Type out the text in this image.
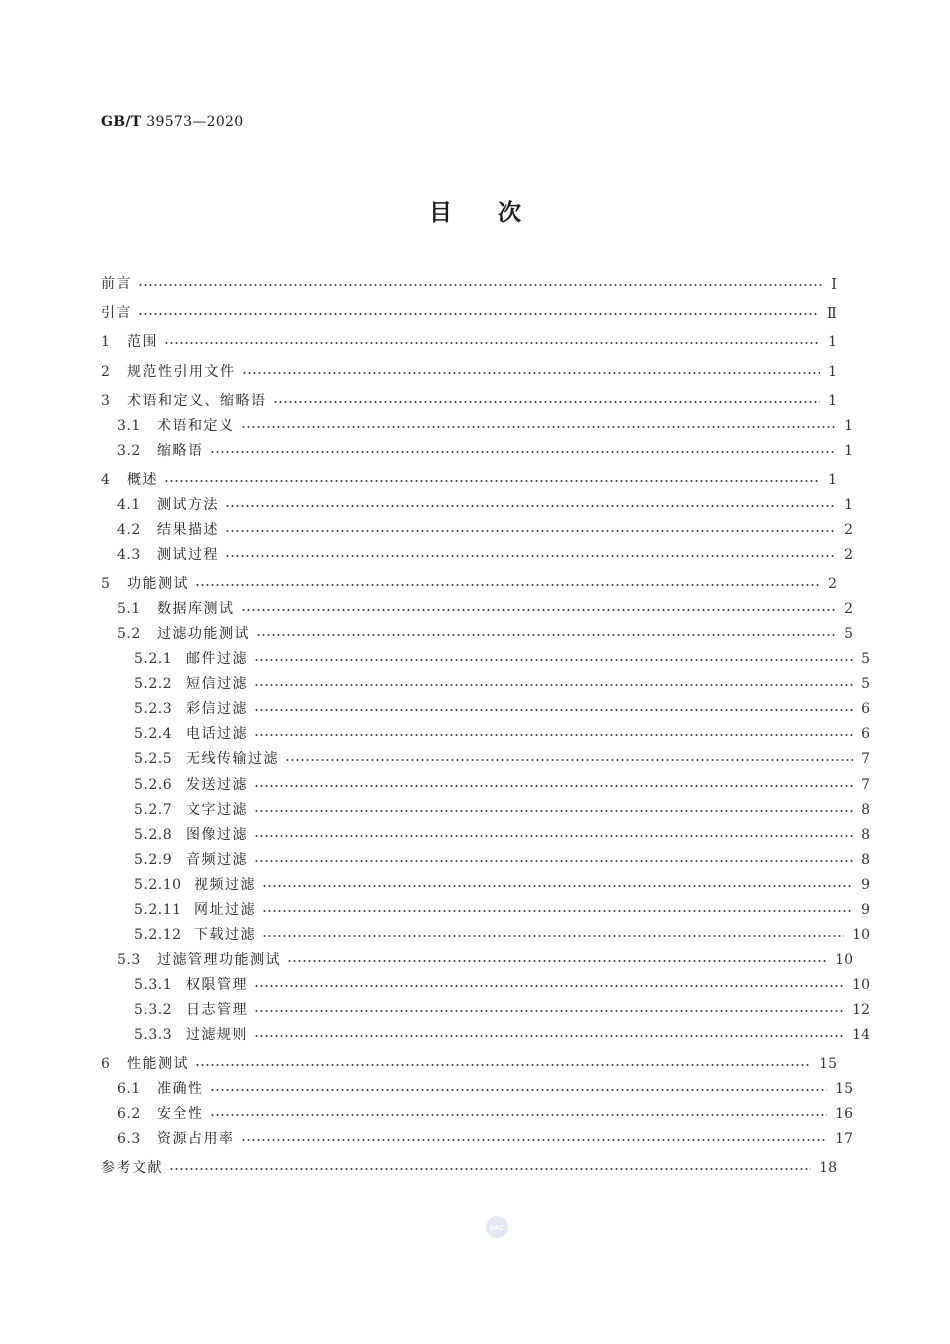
GB/T 39573—2020
目次
前言	Ⅰ
引言	Ⅱ
1	范围	1
2	规范性引用文件	1
3	术语和定义、缩略语	1
3.1	术语和定义	1
3.2	缩略语	1
4	概述	1
4.1	测试方法	1
4.2	结果描述	2
4.3	测试过程	2
5	功能测试	2
5.1	数据库测试	2
5.2	过滤功能测试	5
5.2.1 邮件过滤	5
5.2.2 短信过滤	5
5.2.3 彩信过滤	6
5.2.4 电话过滤	6
5.2.5 无线传输过滤	7
5.2.6 发送过滤	7
5.2.7 文字过滤	8
5.2.8 图像过滤	8
5.2.9 音频过滤	8
5.2.10 视频过滤	9
5.2.11 网址过滤	9
5.2.12 下载过滤	10
5.3	过滤管理功能测试	10
5.3.1 权限管理	10
5.3.2 日志管理	12
5.3.3 过滤规则	14
6	性能测试	15
6.1	准确性	15
6.2	安全性	16
6.3	资源占用率	17
参考文献	18
SAC
